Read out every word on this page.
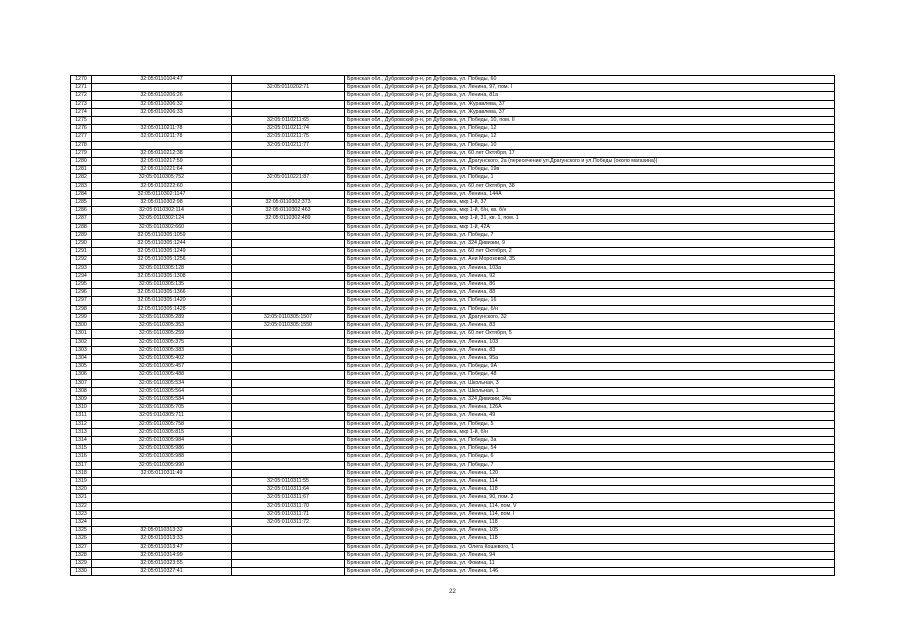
1270	32:05:0110104:47		Брянская обл., Дубровский р-н, рп Дубровка, ул. Победы, 60
1271		32:05:0110202:71	Брянская обл., Дубровский р-н, рп Дубровка, ул. Ленина, 97, пом. I
1272	32:05:0110206:26		Брянская обл., Дубровский р-н, рп Дубровка, ул. Ленина, 81а
1273	32:05:0110206:32		Брянская обл., Дубровский р-н, рп Дубровка, ул. Журавлева, 37
1274	32:05:0110206:33		Брянская обл., Дубровский р-н, рп Дубровка, ул. Журавлева, 37
1275		32:05:0110211:65	Брянская обл., Дубровский р-н, рп Дубровка, ул. Победы, 10, пом. II
1276	32:05:0110211:78	32:05:0110211:74	Брянская обл., Дубровский р-н, рп Дубровка, ул. Победы, 12
1277	32:05:0110211:78	32:05:0110211:75	Брянская обл., Дубровский р-н, рп Дубровка, ул. Победы, 12
1278		32:05:0110211:77	Брянская обл., Дубровский р-н, рп Дубровка, ул. Победы, 10
1279	32:05:0110212:38		Брянская обл., Дубровский р-н, рп Дубровка, ул. 60 лет Октября, 17
1280	32:05:0110217:59		Брянская обл., Дубровский р-н, рп Дубровка, ул. Драгунского, 2а (пересечение ул.Драгунского и ул.Победы (около магазина))
1281	32:05:0110221:64		Брянская обл., Дубровский р-н, рп Дубровка, ул. Победы, 19в
1282	32:05:0110305:752	32:05:0110221:87	Брянская обл., Дубровский р-н, рп Дубровка, ул. Победы, 1
1283	32:05:0110222:60		Брянская обл., Дубровский р-н, рп Дубровка, ул. 60 лет Октября, 38
1284	32:05:0110302:1147		Брянская обл., Дубровский р-н, рп Дубровка, ул. Ленина, 144А
1285	32:05:0110302:98	32:05:0110302:373	Брянская обл., Дубровский р-н, рп Дубровка, мкр 1-й, 37
1286	32:05:0110302:114	32:05:0110302:463	Брянская обл., Дубровский р-н, рп Дубровка, мкр 1-й, б/н, кв. б/н
1287	32:05:0110302:124	32:05:0110302:489	Брянская обл., Дубровский р-н, рп Дубровка, мкр 1-й, 31, кв. 1, пом. 1
1288	32:05:0110302:660		Брянская обл., Дубровский р-н, рп Дубровка, мкр 1-й, 42А
1289	32:05:0110305:1059		Брянская обл., Дубровский р-н, рп Дубровка, ул. Победы, 7
1290	32:05:0110305:1244		Брянская обл., Дубровский р-н, рп Дубровка, ул. 324 Дивизии, 9
1291	32:05:0110305:1249		Брянская обл., Дубровский р-н, рп Дубровка, ул. 60 лет Октября, 2
1292	32:05:0110305:1256		Брянская обл., Дубровский р-н, рп Дубровка, ул. Ани Морозовой, 35
1293	32:05:0110305:128		Брянская обл., Дубровский р-н, рп Дубровка, ул. Ленина, 103а
1294	32:05:0110305:1308		Брянская обл., Дубровский р-н, рп Дубровка, ул. Ленина, 92
1295	32:05:0110305:135		Брянская обл., Дубровский р-н, рп Дубровка, ул. Ленина, 86
1296	32:05:0110305:1366		Брянская обл., Дубровский р-н, рп Дубровка, ул. Ленина, 88
1297	32:05:0110305:1420		Брянская обл., Дубровский р-н, рп Дубровка, ул. Победы, 16
1298	32:05:0110305:1428		Брянская обл., Дубровский р-н, рп Дубровка, ул. Победы, б/н
1299	32:05:0110305:289	32:05:0110305:1507	Брянская обл., Дубровский р-н, рп Дубровка, ул. Драгунского, 32
1300	32:05:0110305:353	32:05:0110305:1550	Брянская обл., Дубровский р-н, рп Дубровка, ул. Ленина, 83
1301	32:05:0110305:259		Брянская обл., Дубровский р-н, рп Дубровка, ул. 60 лет Октября, 5
1302	32:05:0110305:375		Брянская обл., Дубровский р-н, рп Дубровка, ул. Ленина, 103
1303	32:05:0110305:383		Брянская обл., Дубровский р-н, рп Дубровка, ул. Ленина, 83
1304	32:05:0110305:402		Брянская обл., Дубровский р-н, рп Дубровка, ул. Ленина, 95а
1305	32:05:0110305:457		Брянская обл., Дубровский р-н, рп Дубровка, ул. Победы, 9А
1306	32:05:0110305:488		Брянская обл., Дубровский р-н, рп Дубровка, ул. Победы, 48
1307	32:05:0110305:534		Брянская обл., Дубровский р-н, рп Дубровка, ул. Школьная, 3
1308	32:05:0110305:564		Брянская обл., Дубровский р-н, рп Дубровка, ул. Школьная, 1
1309	32:05:0110305:584		Брянская обл., Дубровский р-н, рп Дубровка, ул. 324 Дивизии, 24а
1310	32:05:0110305:705		Брянская обл., Дубровский р-н, рп Дубровка, ул. Ленина, 126А
1311	32:05:0110305:711		Брянская обл., Дубровский р-н, рп Дубровка, ул. Ленина, 49
1312	32:05:0110305:758		Брянская обл., Дубровский р-н, рп Дубровка, ул. Победы, 5
1313	32:05:0110305:815		Брянская обл., Дубровский р-н, рп Дубровка, мкр 1-й, б/н
1314	32:05:0110305:984		Брянская обл., Дубровский р-н, рп Дубровка, ул. Победы, 3а
1315	32:05:0110305:986		Брянская обл., Дубровский р-н, рп Дубровка, ул. Победы, 54
1316	32:05:0110305:988		Брянская обл., Дубровский р-н, рп Дубровка, ул. Победы, 6
1317	32:05:0110305:990		Брянская обл., Дубровский р-н, рп Дубровка, ул. Победы, 7
1318	32:05:0110311:49		Брянская обл., Дубровский р-н, рп Дубровка, ул. Ленина, 120
1319		32:05:0110311:55	Брянская обл., Дубровский р-н, рп Дубровка, ул. Ленина, 114
1320		32:05:0110311:64	Брянская обл., Дубровский р-н, рп Дубровка, ул. Ленина, 118
1321		32:05:0110311:67	Брянская обл., Дубровский р-н, рп Дубровка, ул. Ленина, 90, пом. 2
1322		32:05:0110311:70	Брянская обл., Дубровский р-н, рп Дубровка, ул. Ленина, 114, пом. V
1323		32:05:0110311:71	Брянская обл., Дубровский р-н, рп Дубровка, ул. Ленина, 114, пом. I
1324		32:05:0110311:72	Брянская обл., Дубровский р-н, рп Дубровка, ул. Ленина, 118
1325	32:05:0110313:32		Брянская обл., Дубровский р-н, рп Дубровка, ул. Ленина, 105
1326	32:05:0110313:33		Брянская обл., Дубровский р-н, рп Дубровка, ул. Ленина, 118
1327	32:05:0110313:47		Брянская обл., Дубровский р-н, рп Дубровка, ул. Олега Кошевого, 1
1328	32:05:0110314:99		Брянская обл., Дубровский р-н, рп Дубровка, ул. Ленина, 94
1329	32:05:0110323:55		Брянская обл., Дубровский р-н, рп Дубровка, ул. Фокина, 11
1330	32:05:0110327:41		Брянская обл., Дубровский р-н, рп Дубровка, ул. Ленина, 146
22
